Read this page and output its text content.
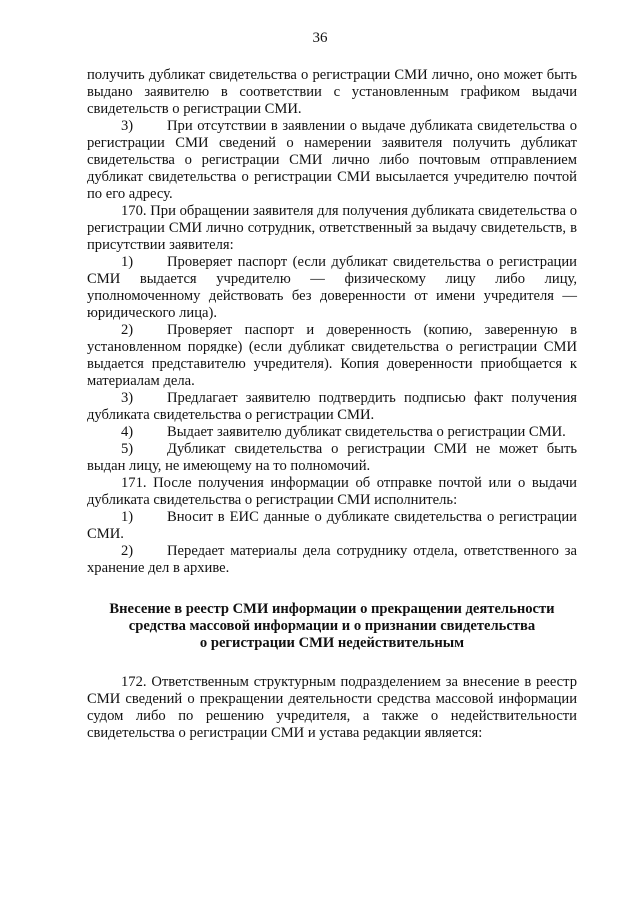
36

получить дубликат свидетельства о регистрации СМИ лично, оно может быть выдано заявителю в соответствии с установленным графиком выдачи свидетельств о регистрации СМИ.

3) При отсутствии в заявлении о выдаче дубликата свидетельства о регистрации СМИ сведений о намерении заявителя получить дубликат свидетельства о регистрации СМИ лично либо почтовым отправлением дубликат свидетельства о регистрации СМИ высылается учредителю почтой по его адресу.

170. При обращении заявителя для получения дубликата свидетельства о регистрации СМИ лично сотрудник, ответственный за выдачу свидетельств, в присутствии заявителя:

1) Проверяет паспорт (если дубликат свидетельства о регистрации СМИ выдается учредителю — физическому лицу либо лицу, уполномоченному действовать без доверенности от имени учредителя — юридического лица).

2) Проверяет паспорт и доверенность (копию, заверенную в установленном порядке) (если дубликат свидетельства о регистрации СМИ выдается представителю учредителя). Копия доверенности приобщается к материалам дела.

3) Предлагает заявителю подтвердить подписью факт получения дубликата свидетельства о регистрации СМИ.

4) Выдает заявителю дубликат свидетельства о регистрации СМИ.

5) Дубликат свидетельства о регистрации СМИ не может быть выдан лицу, не имеющему на то полномочий.

171. После получения информации об отправке почтой или о выдачи дубликата свидетельства о регистрации СМИ исполнитель:

1) Вносит в ЕИС данные о дубликате свидетельства о регистрации СМИ.

2) Передает материалы дела сотруднику отдела, ответственного за хранение дел в архиве.

Внесение в реестр СМИ информации о прекращении деятельности
средства массовой информации и о признании свидетельства
о регистрации СМИ недействительным

172. Ответственным структурным подразделением за внесение в реестр СМИ сведений о прекращении деятельности средства массовой информации судом либо по решению учредителя, а также о недействительности свидетельства о регистрации СМИ и устава редакции является:
